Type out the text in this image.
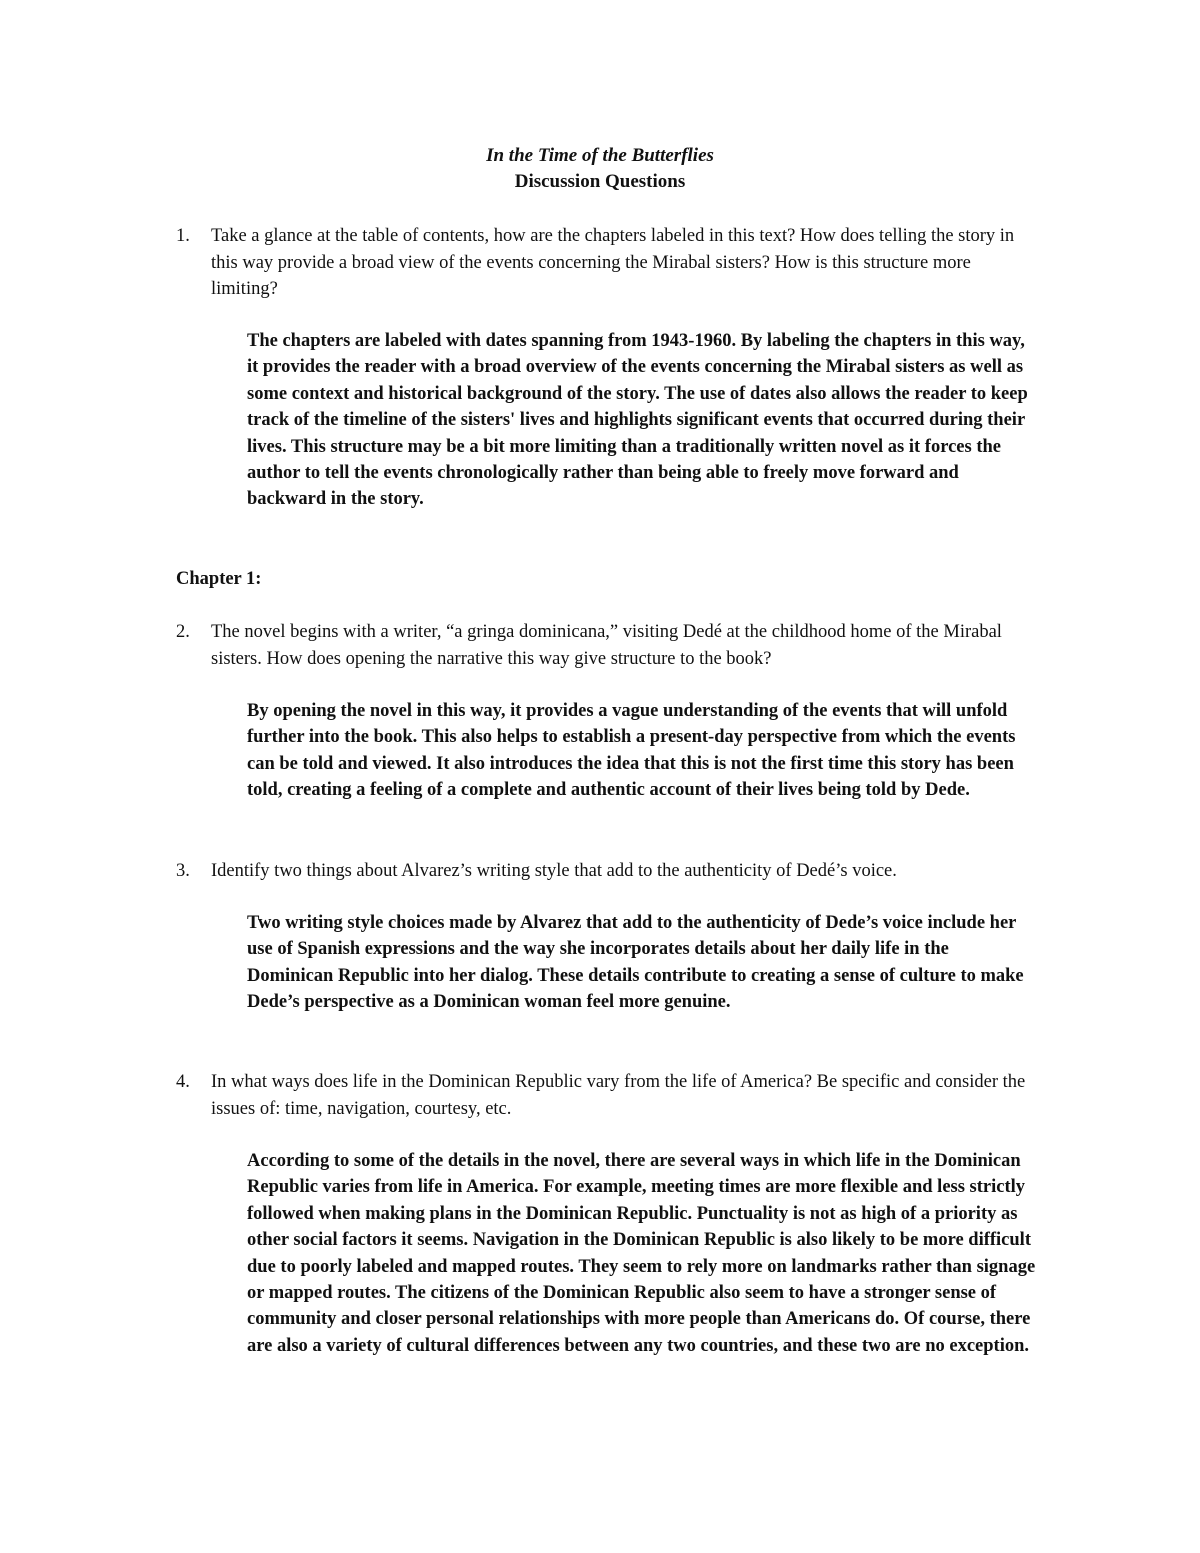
In the Time of the Butterflies

Discussion Questions

1. Take a glance at the table of contents, how are the chapters labeled in this text? How does telling the story in this way provide a broad view of the events concerning the Mirabal sisters? How is this structure more limiting?
The chapters are labeled with dates spanning from 1943-1960. By labeling the chapters in this way, it provides the reader with a broad overview of the events concerning the Mirabal sisters as well as some context and historical background of the story. The use of dates also allows the reader to keep track of the timeline of the sisters' lives and highlights significant events that occurred during their lives. This structure may be a bit more limiting than a traditionally written novel as it forces the author to tell the events chronologically rather than being able to freely move forward and backward in the story.
Chapter 1:
2. The novel begins with a writer, “a gringa dominicana,” visiting Dedé at the childhood home of the Mirabal sisters. How does opening the narrative this way give structure to the book?
By opening the novel in this way, it provides a vague understanding of the events that will unfold further into the book. This also helps to establish a present-day perspective from which the events can be told and viewed. It also introduces the idea that this is not the first time this story has been told, creating a feeling of a complete and authentic account of their lives being told by Dede.
3. Identify two things about Alvarez’s writing style that add to the authenticity of Dedé’s voice.
Two writing style choices made by Alvarez that add to the authenticity of Dede’s voice include her use of Spanish expressions and the way she incorporates details about her daily life in the Dominican Republic into her dialog. These details contribute to creating a sense of culture to make Dede’s perspective as a Dominican woman feel more genuine.
4. In what ways does life in the Dominican Republic vary from the life of America? Be specific and consider the issues of: time, navigation, courtesy, etc.
According to some of the details in the novel, there are several ways in which life in the Dominican Republic varies from life in America. For example, meeting times are more flexible and less strictly followed when making plans in the Dominican Republic. Punctuality is not as high of a priority as other social factors it seems. Navigation in the Dominican Republic is also likely to be more difficult due to poorly labeled and mapped routes. They seem to rely more on landmarks rather than signage or mapped routes. The citizens of the Dominican Republic also seem to have a stronger sense of community and closer personal relationships with more people than Americans do. Of course, there are also a variety of cultural differences between any two countries, and these two are no exception.
